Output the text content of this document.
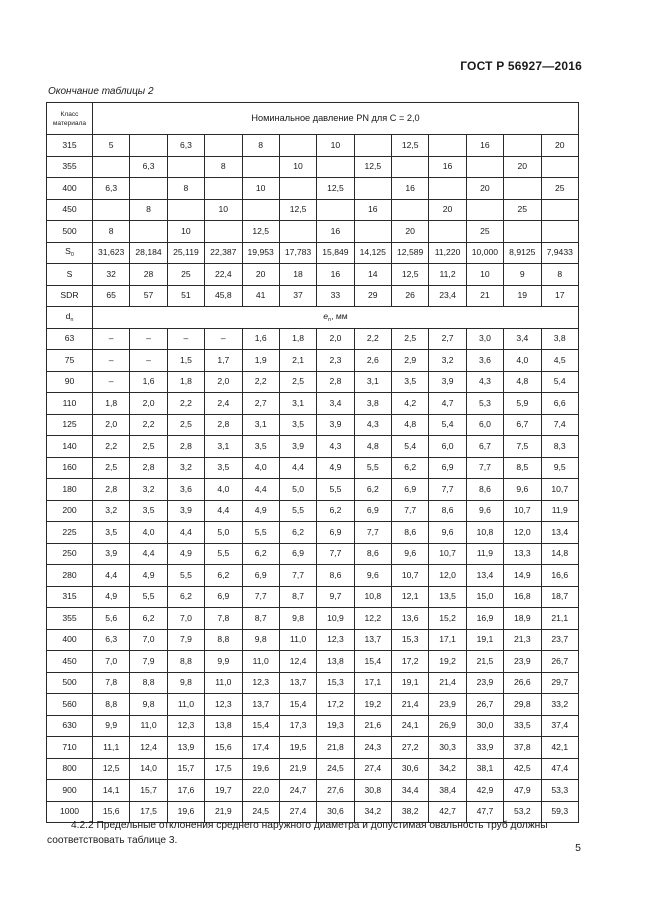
ГОСТ Р 56927—2016
Окончание таблицы 2
Класс материала	Номинальное давление PN для C = 2,0												
315	5		6,3		8		10		12,5		16		20
355		6,3		8		10		12,5		16		20	
400	6,3		8		10		12,5		16		20		25
450		8		10		12,5		16		20		25	
500	8		10		12,5		16		20		25		
$S_0$	31,623	28,184	25,119	22,387	19,953	17,783	15,849	14,125	12,589	11,220	10,000	8,9125	7,9433
S	32	28	25	22,4	20	18	16	14	12,5	11,2	10	9	8
SDR	65	57	51	45,8	41	37	33	29	26	23,4	21	19	17
$d_n$	$e_n$, мм												
63	–	–	–	–	1,6	1,8	2,0	2,2	2,5	2,7	3,0	3,4	3,8
75	–	–	1,5	1,7	1,9	2,1	2,3	2,6	2,9	3,2	3,6	4,0	4,5
90	–	1,6	1,8	2,0	2,2	2,5	2,8	3,1	3,5	3,9	4,3	4,8	5,4
110	1,8	2,0	2,2	2,4	2,7	3,1	3,4	3,8	4,2	4,7	5,3	5,9	6,6
125	2,0	2,2	2,5	2,8	3,1	3,5	3,9	4,3	4,8	5,4	6,0	6,7	7,4
140	2,2	2,5	2,8	3,1	3,5	3,9	4,3	4,8	5,4	6,0	6,7	7,5	8,3
160	2,5	2,8	3,2	3,5	4,0	4,4	4,9	5,5	6,2	6,9	7,7	8,5	9,5
180	2,8	3,2	3,6	4,0	4,4	5,0	5,5	6,2	6,9	7,7	8,6	9,6	10,7
200	3,2	3,5	3,9	4,4	4,9	5,5	6,2	6,9	7,7	8,6	9,6	10,7	11,9
225	3,5	4,0	4,4	5,0	5,5	6,2	6,9	7,7	8,6	9,6	10,8	12,0	13,4
250	3,9	4,4	4,9	5,5	6,2	6,9	7,7	8,6	9,6	10,7	11,9	13,3	14,8
280	4,4	4,9	5,5	6,2	6,9	7,7	8,6	9,6	10,7	12,0	13,4	14,9	16,6
315	4,9	5,5	6,2	6,9	7,7	8,7	9,7	10,8	12,1	13,5	15,0	16,8	18,7
355	5,6	6,2	7,0	7,8	8,7	9,8	10,9	12,2	13,6	15,2	16,9	18,9	21,1
400	6,3	7,0	7,9	8,8	9,8	11,0	12,3	13,7	15,3	17,1	19,1	21,3	23,7
450	7,0	7,9	8,8	9,9	11,0	12,4	13,8	15,4	17,2	19,2	21,5	23,9	26,7
500	7,8	8,8	9,8	11,0	12,3	13,7	15,3	17,1	19,1	21,4	23,9	26,6	29,7
560	8,8	9,8	11,0	12,3	13,7	15,4	17,2	19,2	21,4	23,9	26,7	29,8	33,2
630	9,9	11,0	12,3	13,8	15,4	17,3	19,3	21,6	24,1	26,9	30,0	33,5	37,4
710	11,1	12,4	13,9	15,6	17,4	19,5	21,8	24,3	27,2	30,3	33,9	37,8	42,1
800	12,5	14,0	15,7	17,5	19,6	21,9	24,5	27,4	30,6	34,2	38,1	42,5	47,4
900	14,1	15,7	17,6	19,7	22,0	24,7	27,6	30,8	34,4	38,4	42,9	47,9	53,3
1000	15,6	17,5	19,6	21,9	24,5	27,4	30,6	34,2	38,2	42,7	47,7	53,2	59,3
4.2.2 Предельные отклонения среднего наружного диаметра и допустимая овальность труб должны соответствовать таблице 3.
5
